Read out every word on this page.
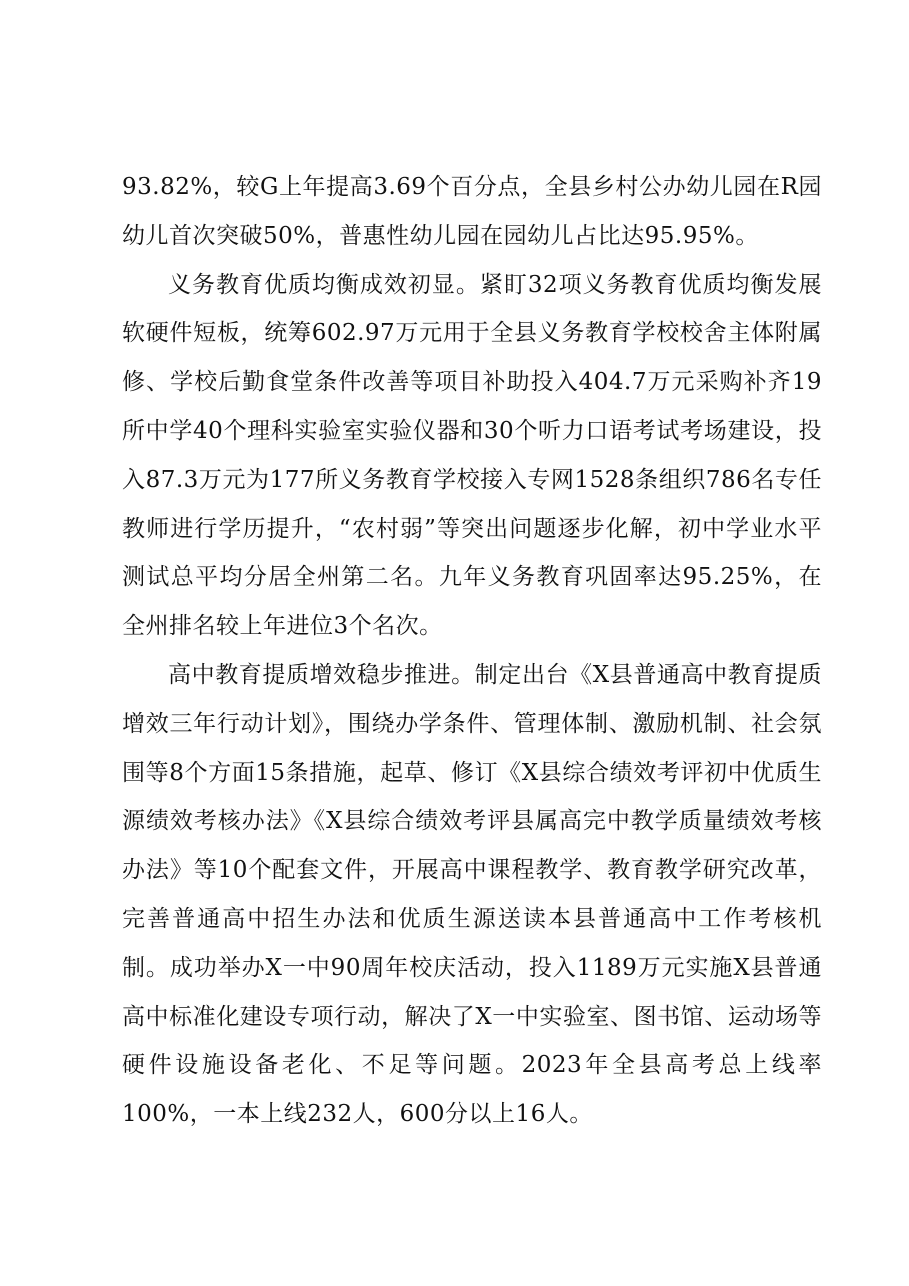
93.82%，较G上年提高3.69个百分点，全县乡村公办幼儿园在R园幼儿首次突破50%，普惠性幼儿园在园幼儿占比达95.95%。

义务教育优质均衡成效初显。紧盯32项义务教育优质均衡发展软硬件短板，统筹602.97万元用于全县义务教育学校校舍主体附属修、学校后勤食堂条件改善等项目补助投入404.7万元采购补齐19所中学40个理科实验室实验仪器和30个听力口语考试考场建设，投入87.3万元为177所义务教育学校接入专网1528条组织786名专任教师进行学历提升，“农村弱”等突出问题逐步化解，初中学业水平测试总平均分居全州第二名。九年义务教育巩固率达95.25%，在全州排名较上年进位3个名次。

高中教育提质增效稳步推进。制定出台《X县普通高中教育提质增效三年行动计划》，围绕办学条件、管理体制、激励机制、社会氛围等8个方面15条措施，起草、修订《X县综合绩效考评初中优质生源绩效考核办法》《X县综合绩效考评县属高完中教学质量绩效考核办法》等10个配套文件，开展高中课程教学、教育教学研究改革，完善普通高中招生办法和优质生源送读本县普通高中工作考核机制。成功举办X一中90周年校庆活动，投入1189万元实施X县普通高中标准化建设专项行动，解决了X一中实验室、图书馆、运动场等硬件设施设备老化、不足等问题。2023年全县高考总上线率100%，一本上线232人，600分以上16人。
